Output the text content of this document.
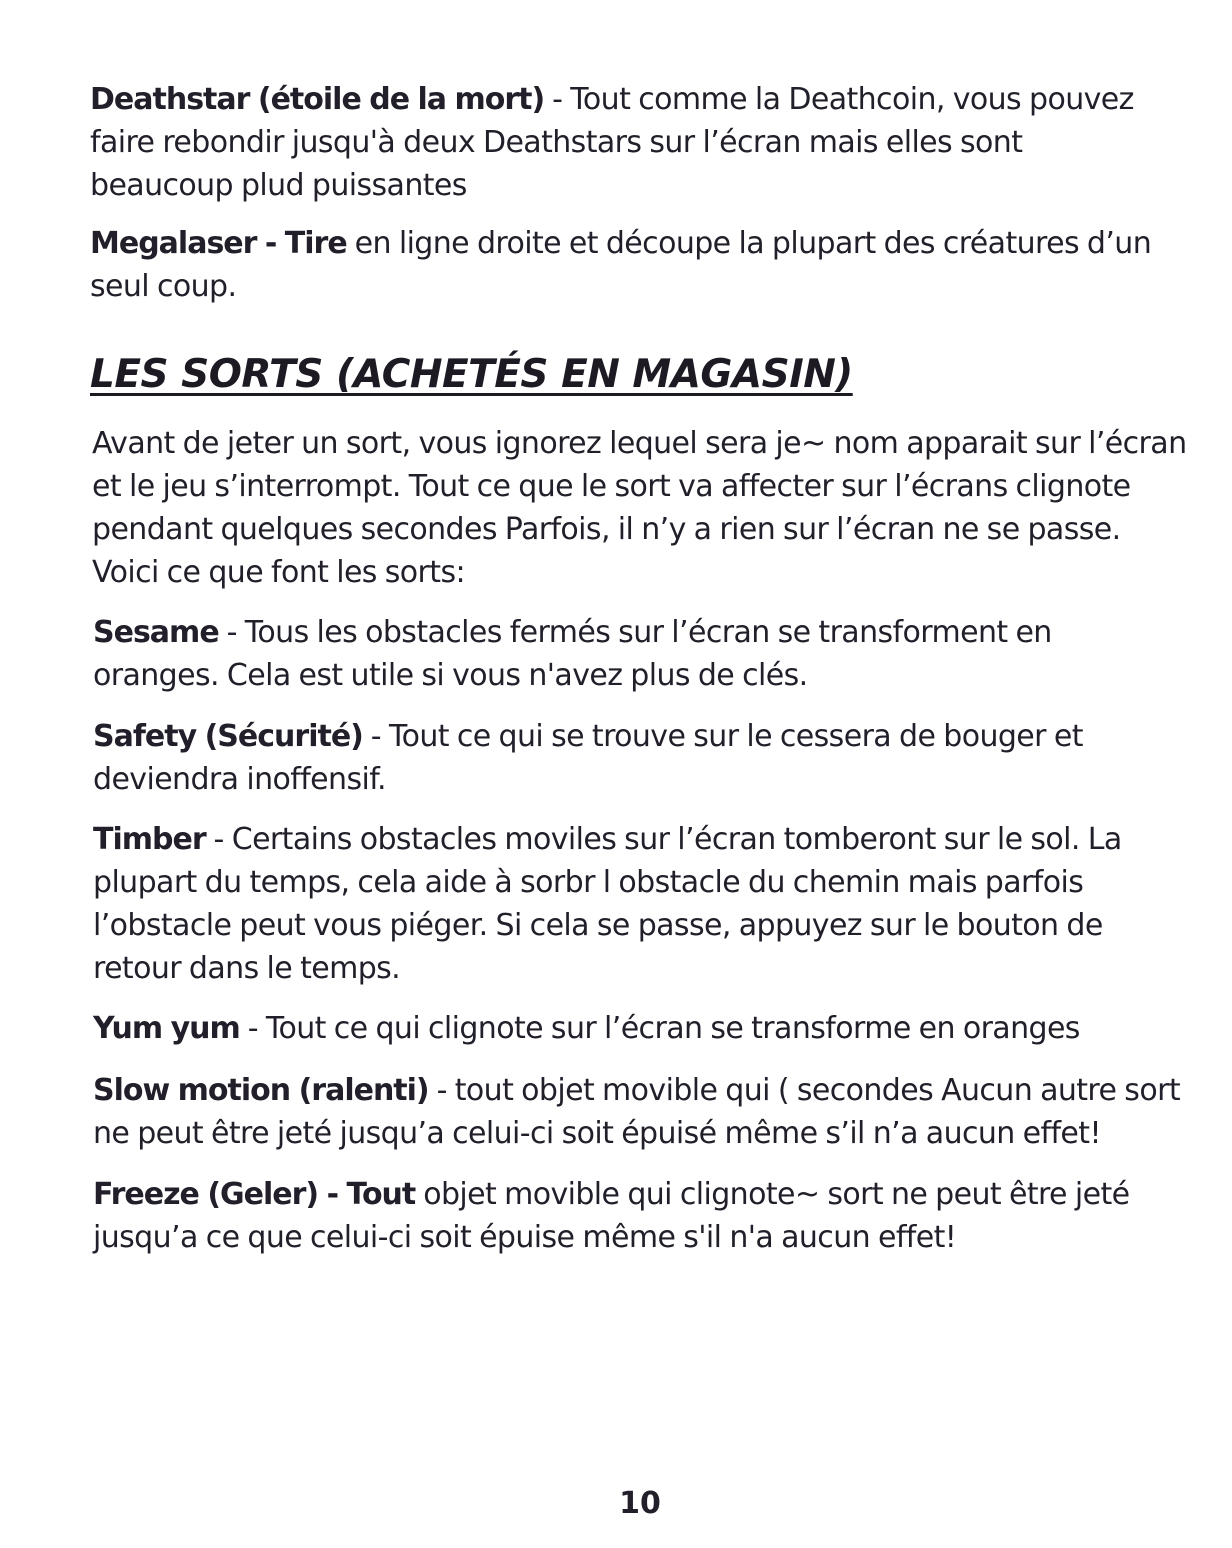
Deathstar (étoile de la mort) - Tout comme la Deathcoin, vous pouvez faire rebondir jusqu'à deux Deathstars sur l’écran mais elles sont beaucoup plud puissantes

Megalaser - Tire en ligne droite et découpe la plupart des créatures d’un seul coup.

LES SORTS (ACHETÉS EN MAGASIN)

Avant de jeter un sort, vous ignorez lequel sera je~ nom apparait sur l’écran et le jeu s’interrompt. Tout ce que le sort va affecter sur l’écrans clignote pendant quelques secondes Parfois, il n’y a rien sur l’écran ne se passe. Voici ce que font les sorts:

Sesame - Tous les obstacles fermés sur l’écran se transforment en oranges. Cela est utile si vous n'avez plus de clés.

Safety (Sécurité) - Tout ce qui se trouve sur le cessera de bouger et deviendra inoffensif.

Timber - Certains obstacles moviles sur l’écran tomberont sur le sol. La plupart du temps, cela aide à sorbr l obstacle du chemin mais parfois l’obstacle peut vous piéger. Si cela se passe, appuyez sur le bouton de retour dans le temps.

Yum yum - Tout ce qui clignote sur l’écran se transforme en oranges

Slow motion (ralenti) - tout objet movible qui ( secondes Aucun autre sort ne peut être jeté jusqu’a celui-ci soit épuisé même s’il n’a aucun effet!

Freeze (Geler) - Tout objet movible qui clignote~ sort ne peut être jeté jusqu’a ce que celui-ci soit épuise même s'il n'a aucun effet!

10
